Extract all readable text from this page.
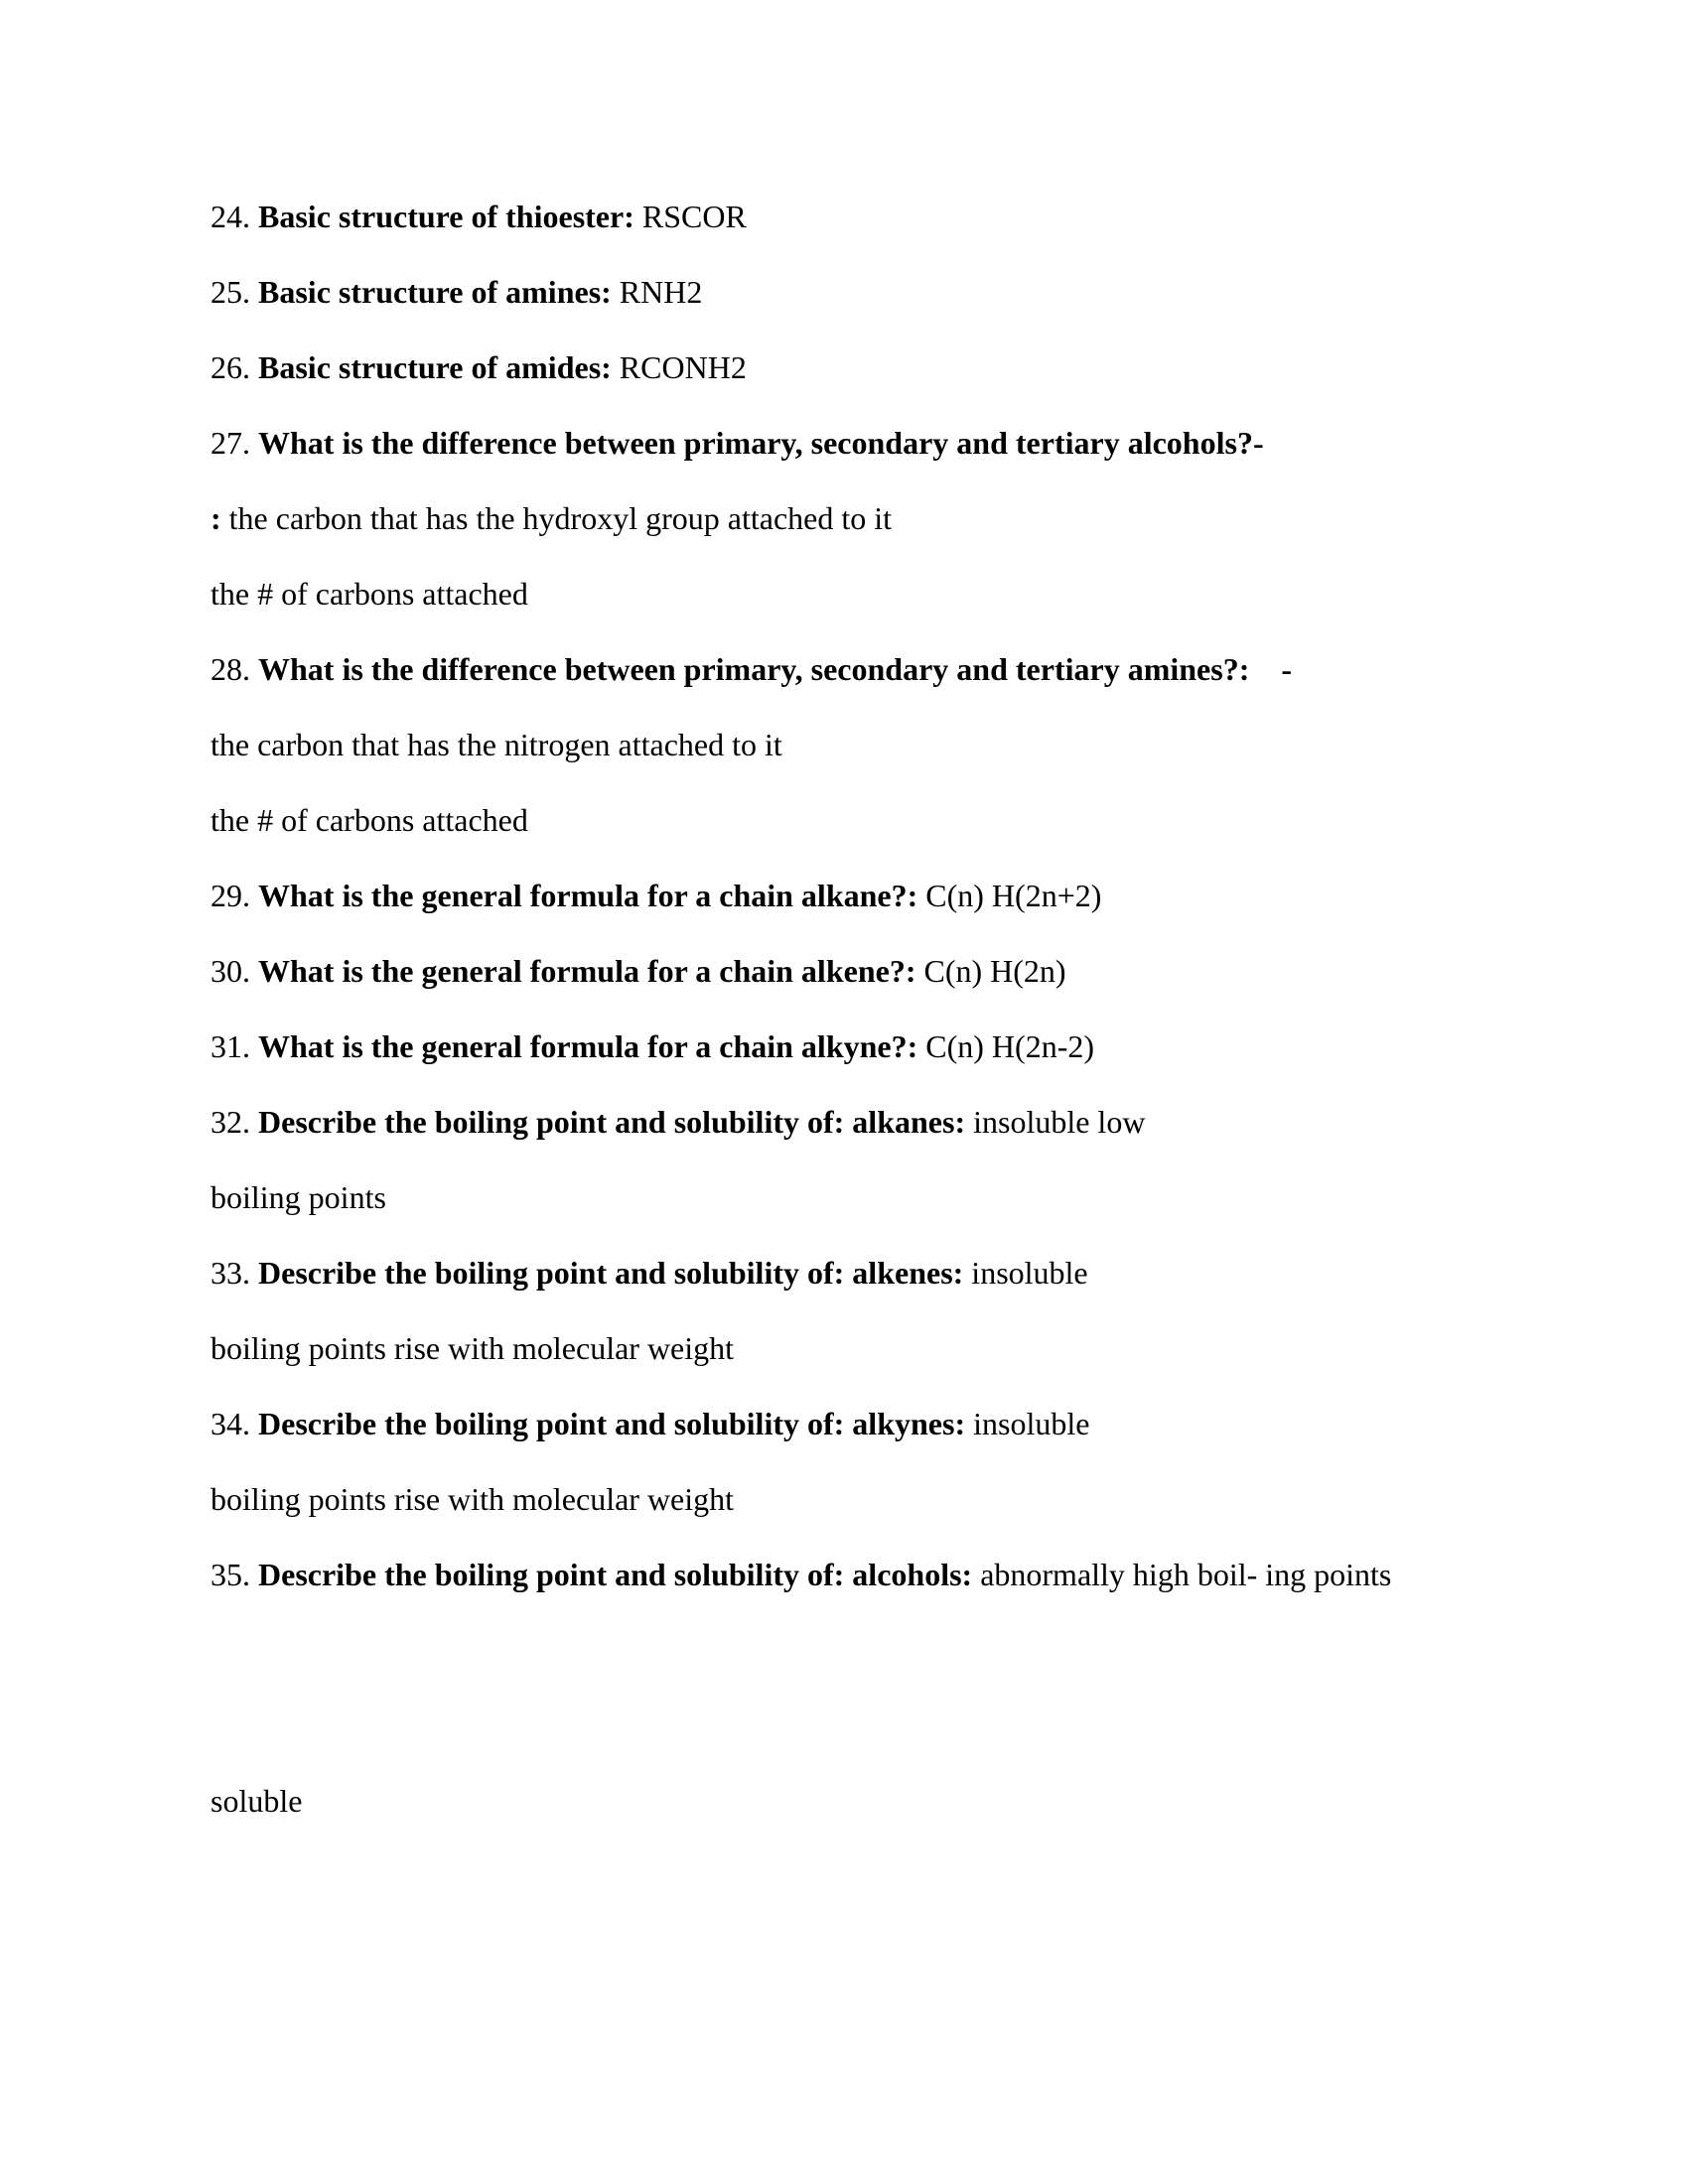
24. Basic structure of thioester: RSCOR
25. Basic structure of amines: RNH2
26. Basic structure of amides: RCONH2
27. What is the difference between primary, secondary and tertiary alcohols?-
: the carbon that has the hydroxyl group attached to it
the # of carbons attached
28. What is the difference between primary, secondary and tertiary amines?:    -
the carbon that has the nitrogen attached to it
the # of carbons attached
29. What is the general formula for a chain alkane?: C(n) H(2n+2)
30. What is the general formula for a chain alkene?: C(n) H(2n)
31. What is the general formula for a chain alkyne?: C(n) H(2n-2)
32. Describe the boiling point and solubility of: alkanes: insoluble low
boiling points
33. Describe the boiling point and solubility of: alkenes: insoluble
boiling points rise with molecular weight
34. Describe the boiling point and solubility of: alkynes: insoluble
boiling points rise with molecular weight
35. Describe the boiling point and solubility of: alcohols: abnormally high boil- ing points
soluble
